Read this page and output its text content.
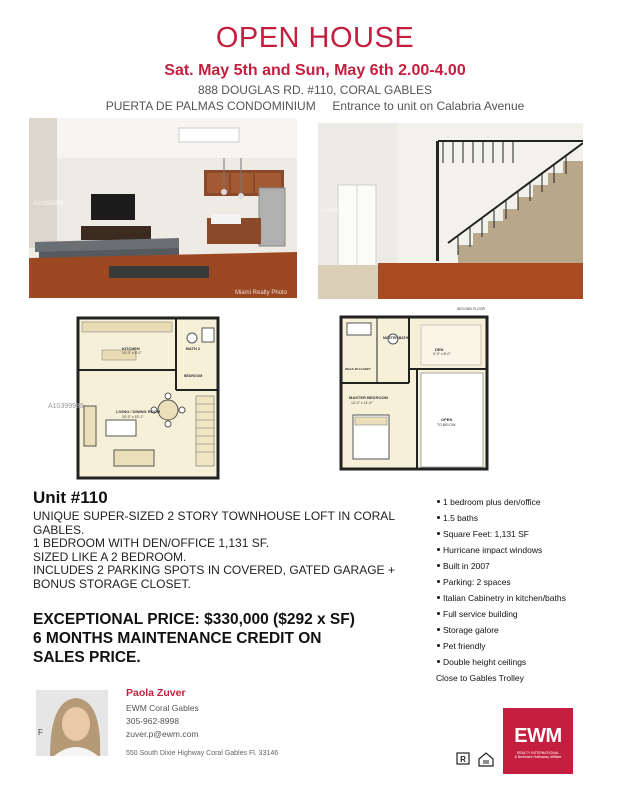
OPEN HOUSE
Sat. May 5th and Sun, May 6th 2.00-4.00
888 DOUGLAS RD. #110, CORAL GABLES
PUERTA DE PALMAS CONDOMINIUM Entrance to unit on Calabria Avenue
A10399989
Miami Realty Photo
A10399989
KITCHEN
10'-0" x 8'-0"
BATH 2
BEDROOM
LIVING / DINING ROOM
20'-0" x 15'-1"
A10399989
SECOND FLOOR
MASTER BATH
DEN
9'-0" x 8'-0"
WALK-IN CLOSET
MASTER BEDROOM
13'-0" x 14'-0"
OPEN
TO BELOW
Unit #110

UNIQUE SUPER-SIZED 2 STORY TOWNHOUSE LOFT IN CORAL GABLES.

1 BEDROOM WITH DEN/OFFICE 1,131 SF.

SIZED LIKE A 2 BEDROOM.

INCLUDES 2 PARKING SPOTS IN COVERED, GATED GARAGE + BONUS STORAGE CLOSET.

EXCEPTIONAL PRICE: $330,000 ($292 x SF)
6 MONTHS MAINTENANCE CREDIT ON
SALES PRICE.
1 bedroom plus den/office
1.5 baths
Square Feet: 1,131 SF
Hurricane impact windows
Built in 2007
Parking: 2 spaces
Italian Cabinetry in kitchen/baths
Full service building
Storage galore
Pet friendly
Double height ceilings
Close to Gables Trolley
F
Paola Zuver
EWM Coral Gables
305-962-8998
zuver.p@ewm.com
550 South Dixie Highway Coral Gables Fl. 33146
R
EWM
REALTY INTERNATIONAL
A Berkshire Hathaway Affiliate
